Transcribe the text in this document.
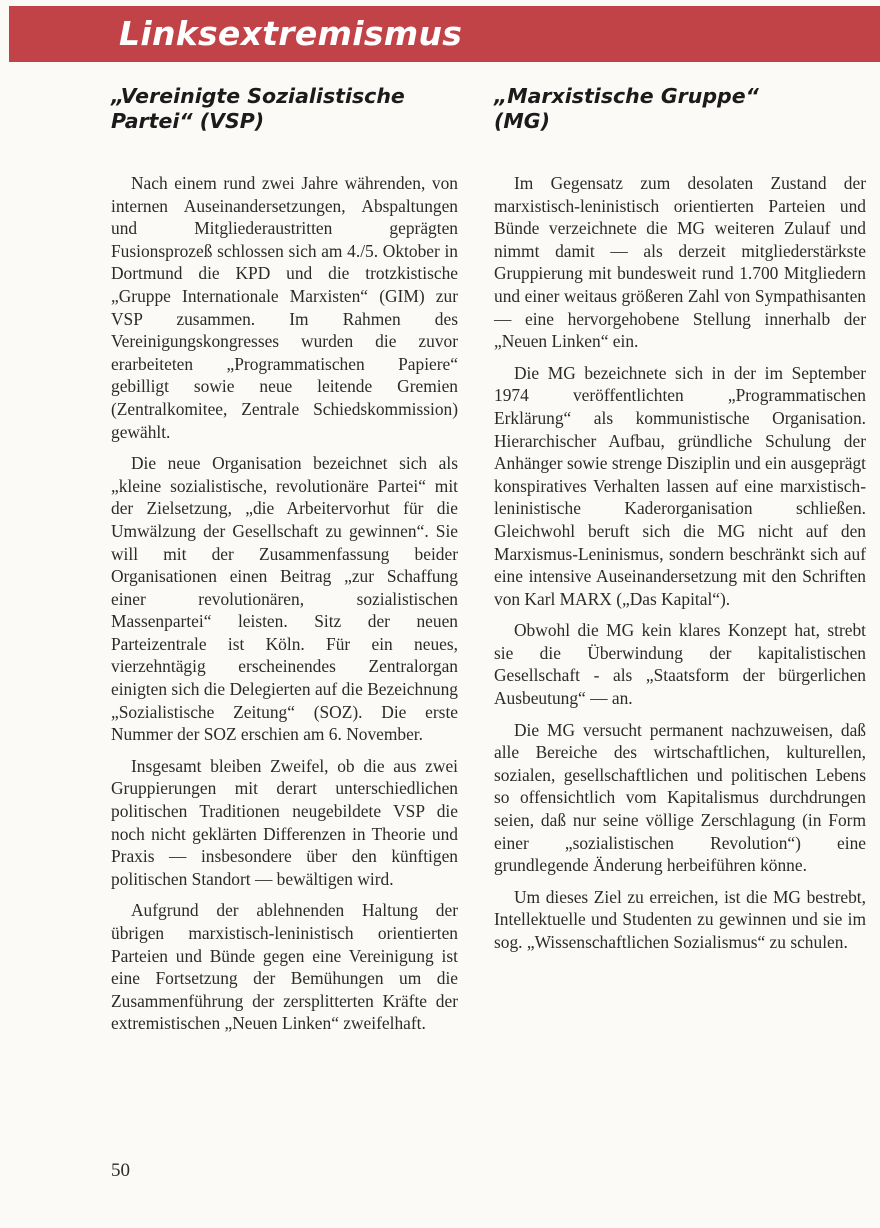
Linksextremismus
„Vereinigte Sozialistische
Partei“ (VSP)

Nach einem rund zwei Jahre währenden, von internen Auseinandersetzungen, Abspaltungen und Mitgliederaustritten geprägten Fusionsprozeß schlossen sich am 4./5. Oktober in Dortmund die KPD und die trotzkistische „Gruppe Internationale Marxisten“ (GIM) zur VSP zusammen. Im Rahmen des Vereinigungskongresses wurden die zuvor erarbeiteten „Programmatischen Papiere“ gebilligt sowie neue leitende Gremien (Zentralkomitee, Zentrale Schiedskommission) gewählt.

Die neue Organisation bezeichnet sich als „kleine sozialistische, revolutionäre Partei“ mit der Zielsetzung, „die Arbeitervorhut für die Umwälzung der Gesellschaft zu gewinnen“. Sie will mit der Zusammenfassung beider Organisationen einen Beitrag „zur Schaffung einer revolutionären, sozialistischen Massenpartei“ leisten. Sitz der neuen Parteizentrale ist Köln. Für ein neues, vierzehntägig erscheinendes Zentralorgan einigten sich die Delegierten auf die Bezeichnung „Sozialistische Zeitung“ (SOZ). Die erste Nummer der SOZ erschien am 6. November.

Insgesamt bleiben Zweifel, ob die aus zwei Gruppierungen mit derart unterschiedlichen politischen Traditionen neugebildete VSP die noch nicht geklärten Differenzen in Theorie und Praxis — insbesondere über den künftigen politischen Standort — bewältigen wird.

Aufgrund der ablehnenden Haltung der übrigen marxistisch-leninistisch orientierten Parteien und Bünde gegen eine Vereinigung ist eine Fortsetzung der Bemühungen um die Zusammenführung der zersplitterten Kräfte der extremistischen „Neuen Linken“ zweifelhaft.

„Marxistische Gruppe“
(MG)

Im Gegensatz zum desolaten Zustand der marxistisch-leninistisch orientierten Parteien und Bünde verzeichnete die MG weiteren Zulauf und nimmt damit — als derzeit mitgliederstärkste Gruppierung mit bundesweit rund 1.700 Mitgliedern und einer weitaus größeren Zahl von Sympathisanten — eine hervorgehobene Stellung innerhalb der „Neuen Linken“ ein.

Die MG bezeichnete sich in der im September 1974 veröffentlichten „Programmatischen Erklärung“ als kommunistische Organisation. Hierarchischer Aufbau, gründliche Schulung der Anhänger sowie strenge Disziplin und ein ausgeprägt konspiratives Verhalten lassen auf eine marxistisch-leninistische Kaderorganisation schließen. Gleichwohl beruft sich die MG nicht auf den Marxismus-Leninismus, sondern beschränkt sich auf eine intensive Auseinandersetzung mit den Schriften von Karl MARX („Das Kapital“).

Obwohl die MG kein klares Konzept hat, strebt sie die Überwindung der kapitalistischen Gesellschaft - als „Staatsform der bürgerlichen Ausbeutung“ — an.

Die MG versucht permanent nachzuweisen, daß alle Bereiche des wirtschaftlichen, kulturellen, sozialen, gesellschaftlichen und politischen Lebens so offensichtlich vom Kapitalismus durchdrungen seien, daß nur seine völlige Zerschlagung (in Form einer „sozialistischen Revolution“) eine grundlegende Änderung herbeiführen könne.

Um dieses Ziel zu erreichen, ist die MG bestrebt, Intellektuelle und Studenten zu gewinnen und sie im sog. „Wissenschaftlichen Sozialismus“ zu schulen.

50
